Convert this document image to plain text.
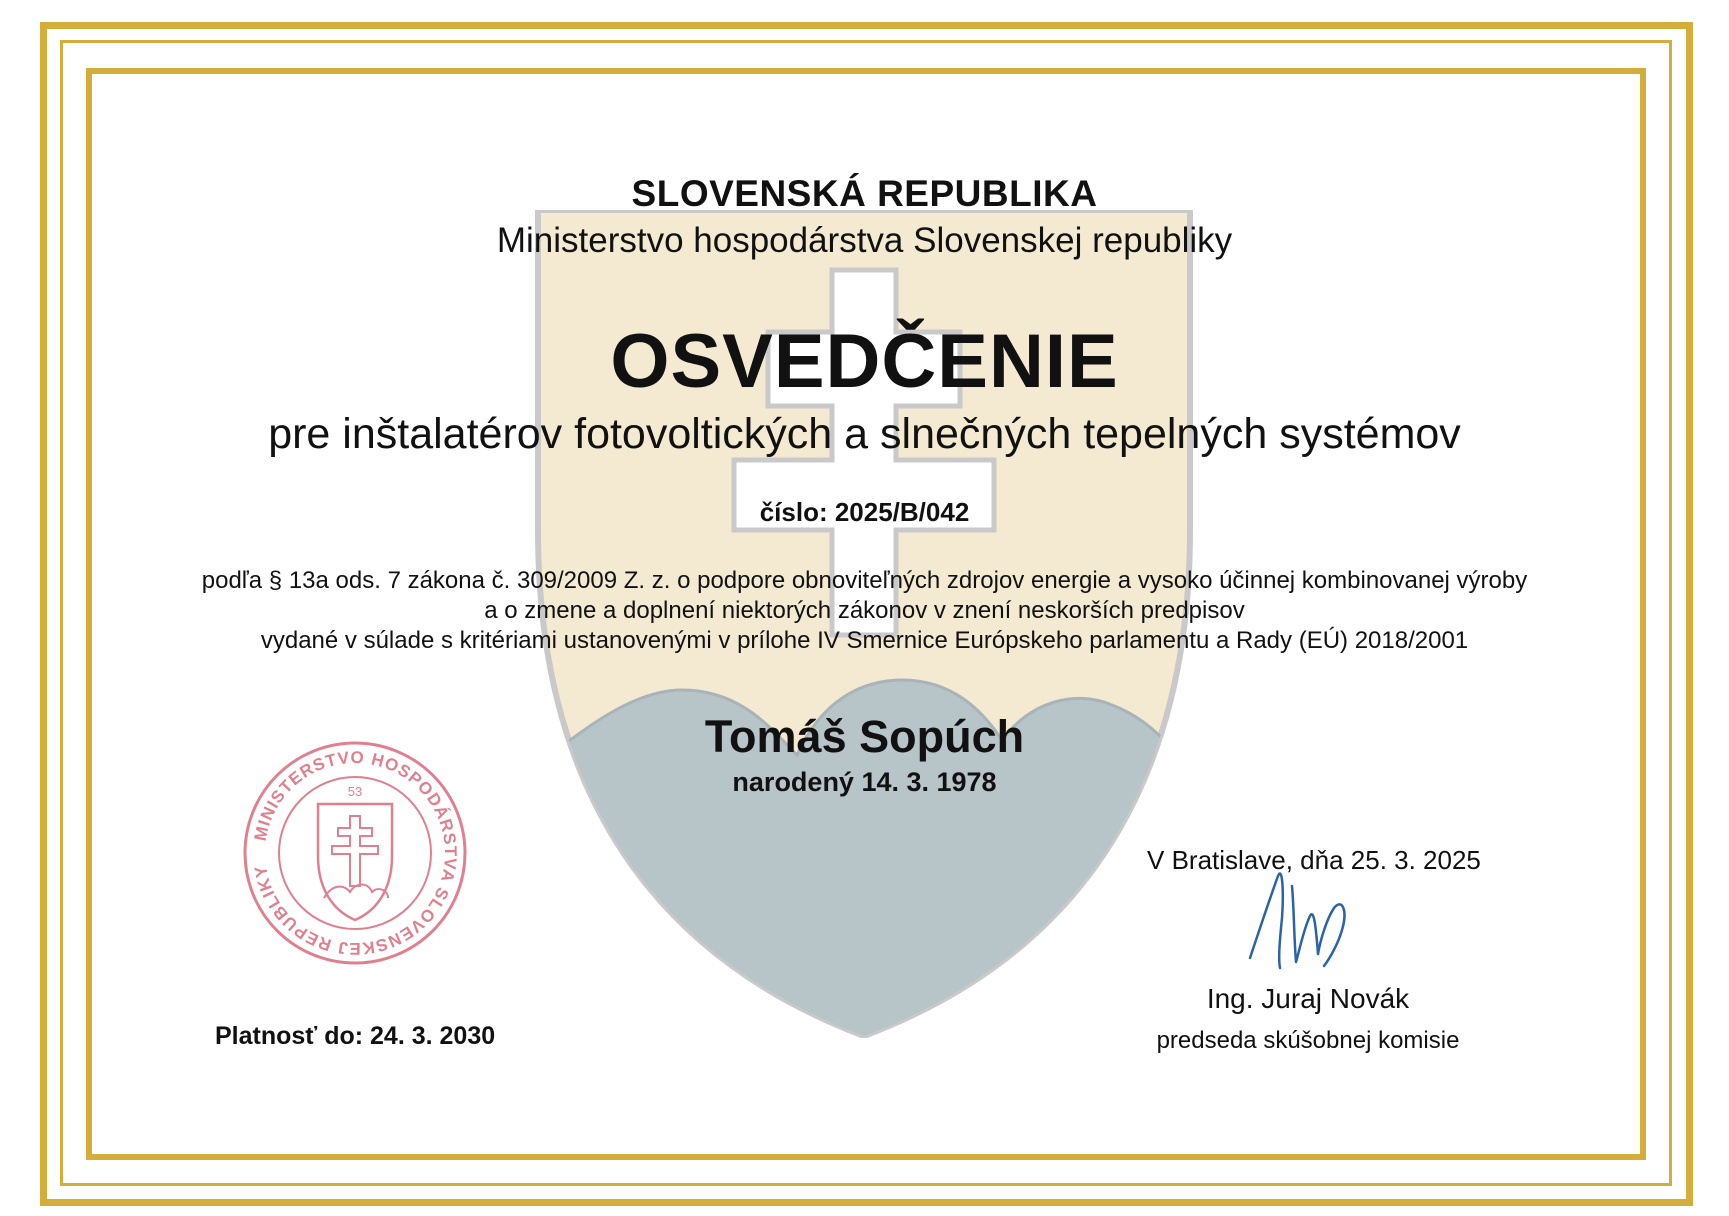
SLOVENSKÁ REPUBLIKA
Ministerstvo hospodárstva Slovenskej republiky
OSVEDČENIE
pre inštalatérov fotovoltických a slnečných tepelných systémov
číslo: 2025/B/042
podľa § 13a ods. 7 zákona č. 309/2009 Z. z. o podpore obnoviteľných zdrojov energie a vysoko účinnej kombinovanej výroby
a o zmene a doplnení niektorých zákonov v znení neskorších predpisov
vydané v súlade s kritériami ustanovenými v prílohe IV Smernice Európskeho parlamentu a Rady (EÚ) 2018/2001
Tomáš Sopúch
narodený 14. 3. 1978
V Bratislave, dňa 25. 3. 2025
Ing. Juraj Novák
predseda skúšobnej komisie
MINISTERSTVO HOSPODÁRSTVA SLOVENSKEJ REPUBLIKY
53
Platnosť do: 24. 3. 2030
